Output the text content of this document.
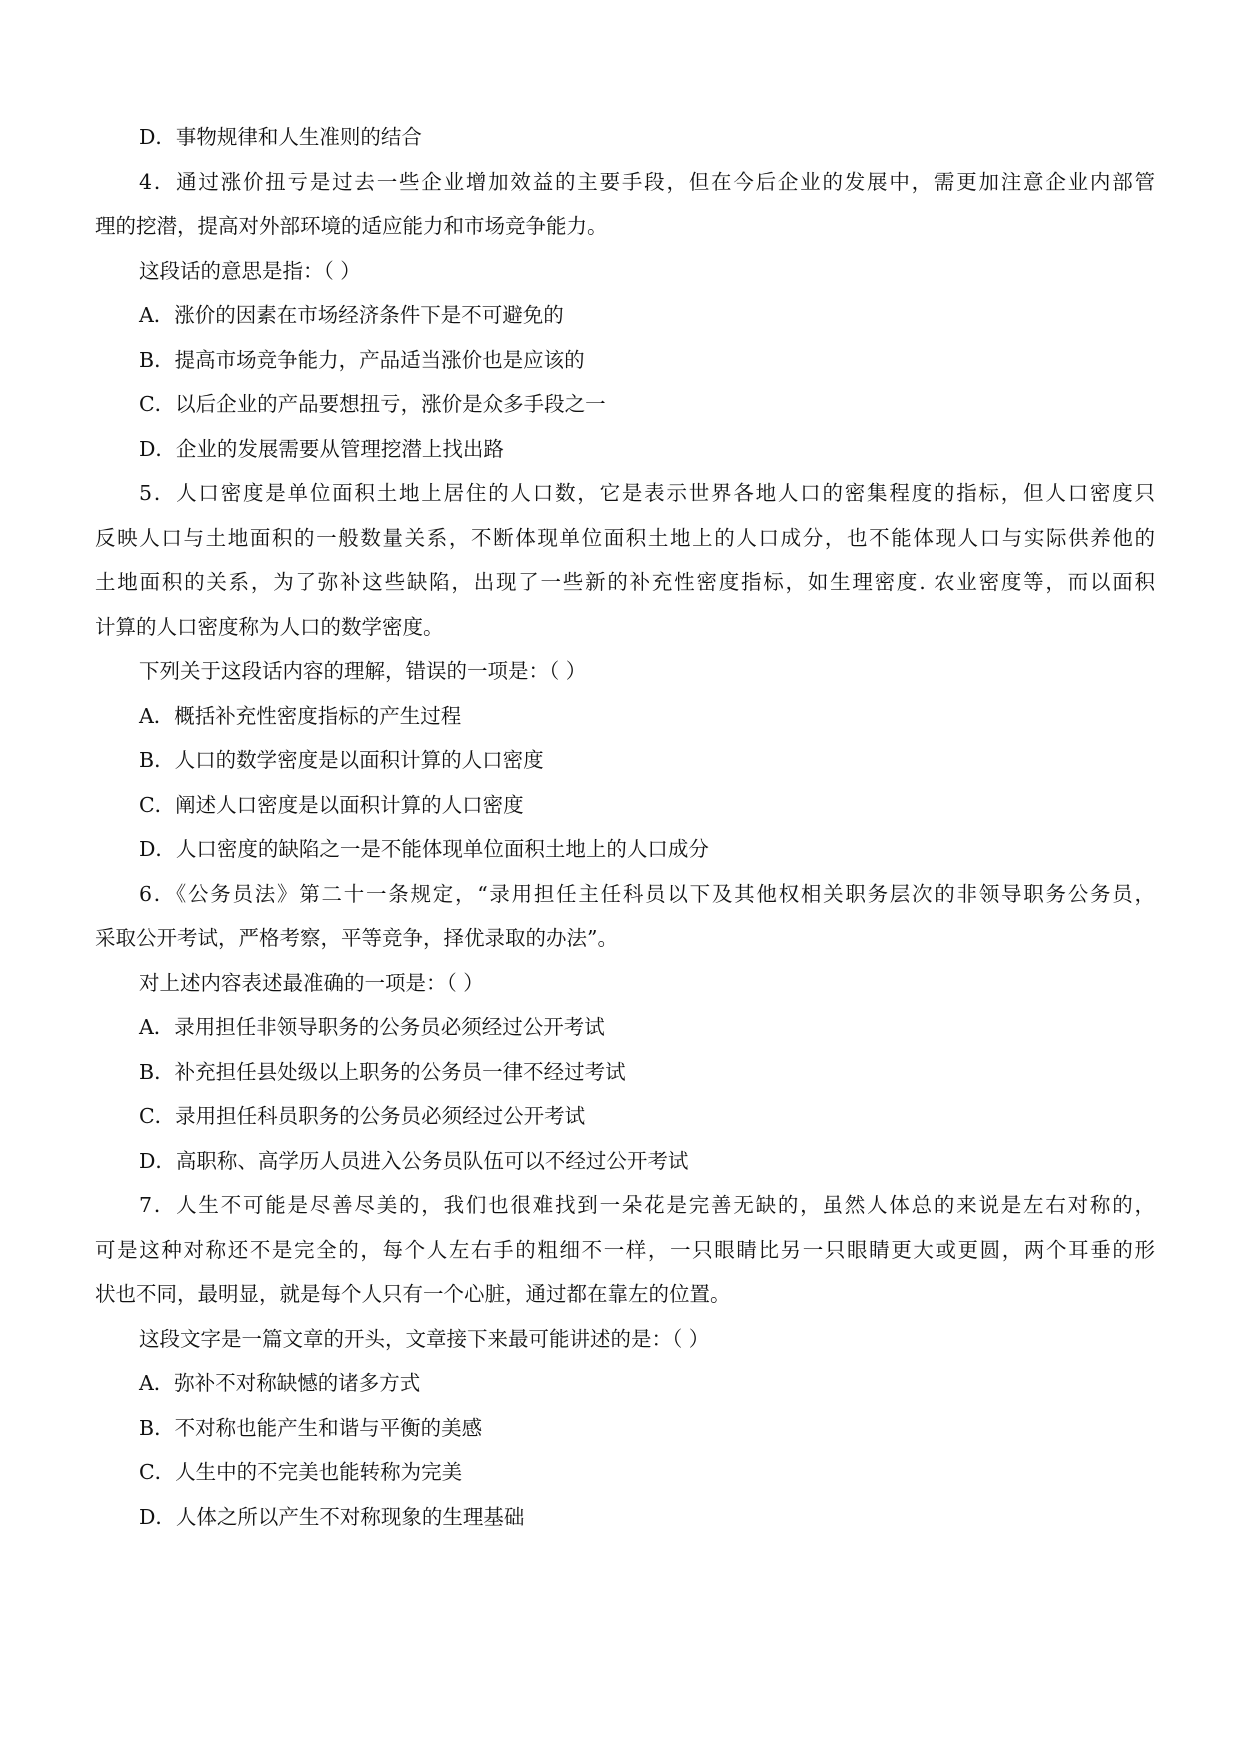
D．事物规律和人生准则的结合
4．通过涨价扭亏是过去一些企业增加效益的主要手段，但在今后企业的发展中，需更加注意企业内部管
理的挖潜，提高对外部环境的适应能力和市场竞争能力。
这段话的意思是指：（ ）
A．涨价的因素在市场经济条件下是不可避免的
B．提高市场竞争能力，产品适当涨价也是应该的
C．以后企业的产品要想扭亏，涨价是众多手段之一
D．企业的发展需要从管理挖潜上找出路
5．人口密度是单位面积土地上居住的人口数，它是表示世界各地人口的密集程度的指标，但人口密度只
反映人口与土地面积的一般数量关系，不断体现单位面积土地上的人口成分，也不能体现人口与实际供养他的
土地面积的关系，为了弥补这些缺陷，出现了一些新的补充性密度指标，如生理密度. 农业密度等，而以面积
计算的人口密度称为人口的数学密度。
下列关于这段话内容的理解，错误的一项是：（ ）
A．概括补充性密度指标的产生过程
B．人口的数学密度是以面积计算的人口密度
C．阐述人口密度是以面积计算的人口密度
D．人口密度的缺陷之一是不能体现单位面积土地上的人口成分
6．《公务员法》第二十一条规定，“录用担任主任科员以下及其他权相关职务层次的非领导职务公务员，
采取公开考试，严格考察，平等竞争，择优录取的办法”。
对上述内容表述最准确的一项是：（ ）
A．录用担任非领导职务的公务员必须经过公开考试
B．补充担任县处级以上职务的公务员一律不经过考试
C．录用担任科员职务的公务员必须经过公开考试
D．高职称、高学历人员进入公务员队伍可以不经过公开考试
7．人生不可能是尽善尽美的，我们也很难找到一朵花是完善无缺的，虽然人体总的来说是左右对称的，
可是这种对称还不是完全的，每个人左右手的粗细不一样，一只眼睛比另一只眼睛更大或更圆，两个耳垂的形
状也不同，最明显，就是每个人只有一个心脏，通过都在靠左的位置。
这段文字是一篇文章的开头，文章接下来最可能讲述的是：（ ）
A．弥补不对称缺憾的诸多方式
B．不对称也能产生和谐与平衡的美感
C．人生中的不完美也能转称为完美
D．人体之所以产生不对称现象的生理基础
